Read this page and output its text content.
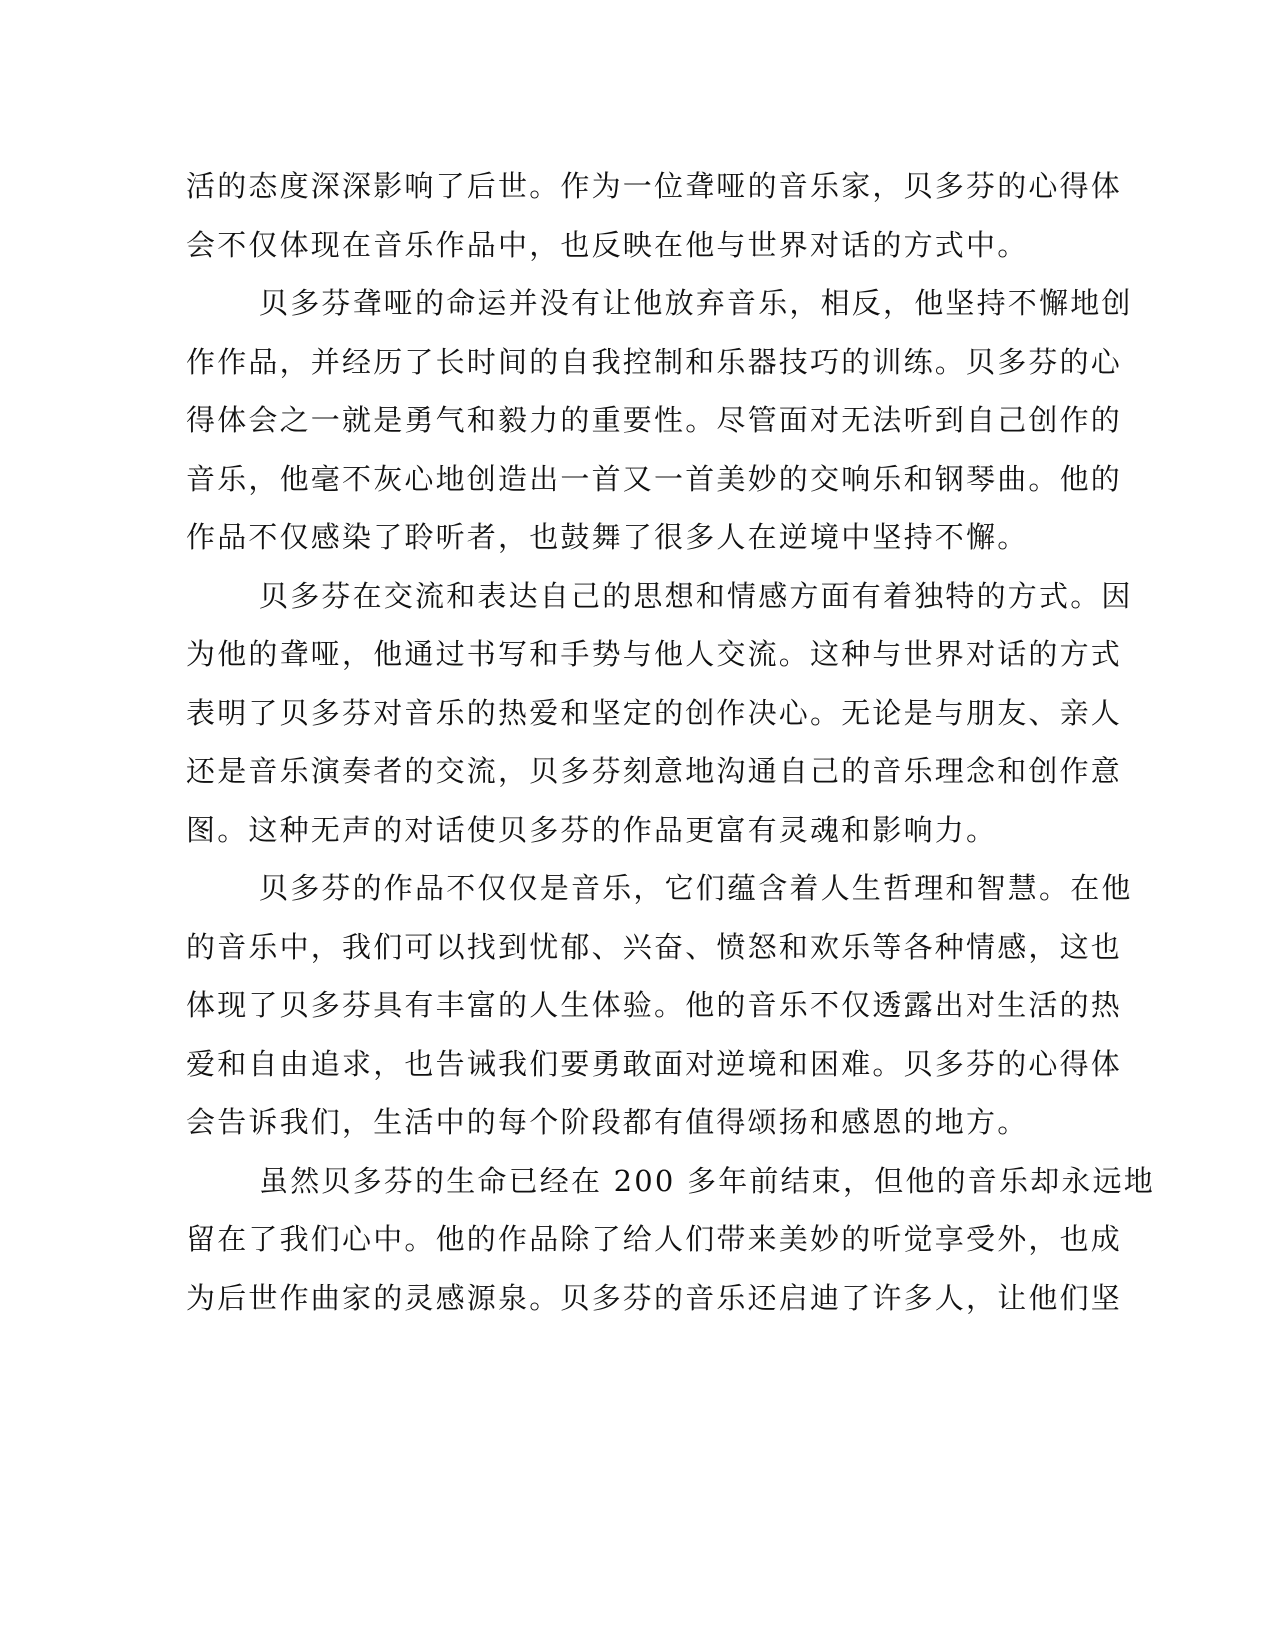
活的态度深深影响了后世。作为一位聋哑的音乐家，贝多芬的心得体
会不仅体现在音乐作品中，也反映在他与世界对话的方式中。
贝多芬聋哑的命运并没有让他放弃音乐，相反，他坚持不懈地创
作作品，并经历了长时间的自我控制和乐器技巧的训练。贝多芬的心
得体会之一就是勇气和毅力的重要性。尽管面对无法听到自己创作的
音乐，他毫不灰心地创造出一首又一首美妙的交响乐和钢琴曲。他的
作品不仅感染了聆听者，也鼓舞了很多人在逆境中坚持不懈。
贝多芬在交流和表达自己的思想和情感方面有着独特的方式。因
为他的聋哑，他通过书写和手势与他人交流。这种与世界对话的方式
表明了贝多芬对音乐的热爱和坚定的创作决心。无论是与朋友、亲人
还是音乐演奏者的交流，贝多芬刻意地沟通自己的音乐理念和创作意
图。这种无声的对话使贝多芬的作品更富有灵魂和影响力。
贝多芬的作品不仅仅是音乐，它们蕴含着人生哲理和智慧。在他
的音乐中，我们可以找到忧郁、兴奋、愤怒和欢乐等各种情感，这也
体现了贝多芬具有丰富的人生体验。他的音乐不仅透露出对生活的热
爱和自由追求，也告诫我们要勇敢面对逆境和困难。贝多芬的心得体
会告诉我们，生活中的每个阶段都有值得颂扬和感恩的地方。
虽然贝多芬的生命已经在 200 多年前结束，但他的音乐却永远地
留在了我们心中。他的作品除了给人们带来美妙的听觉享受外，也成
为后世作曲家的灵感源泉。贝多芬的音乐还启迪了许多人，让他们坚
